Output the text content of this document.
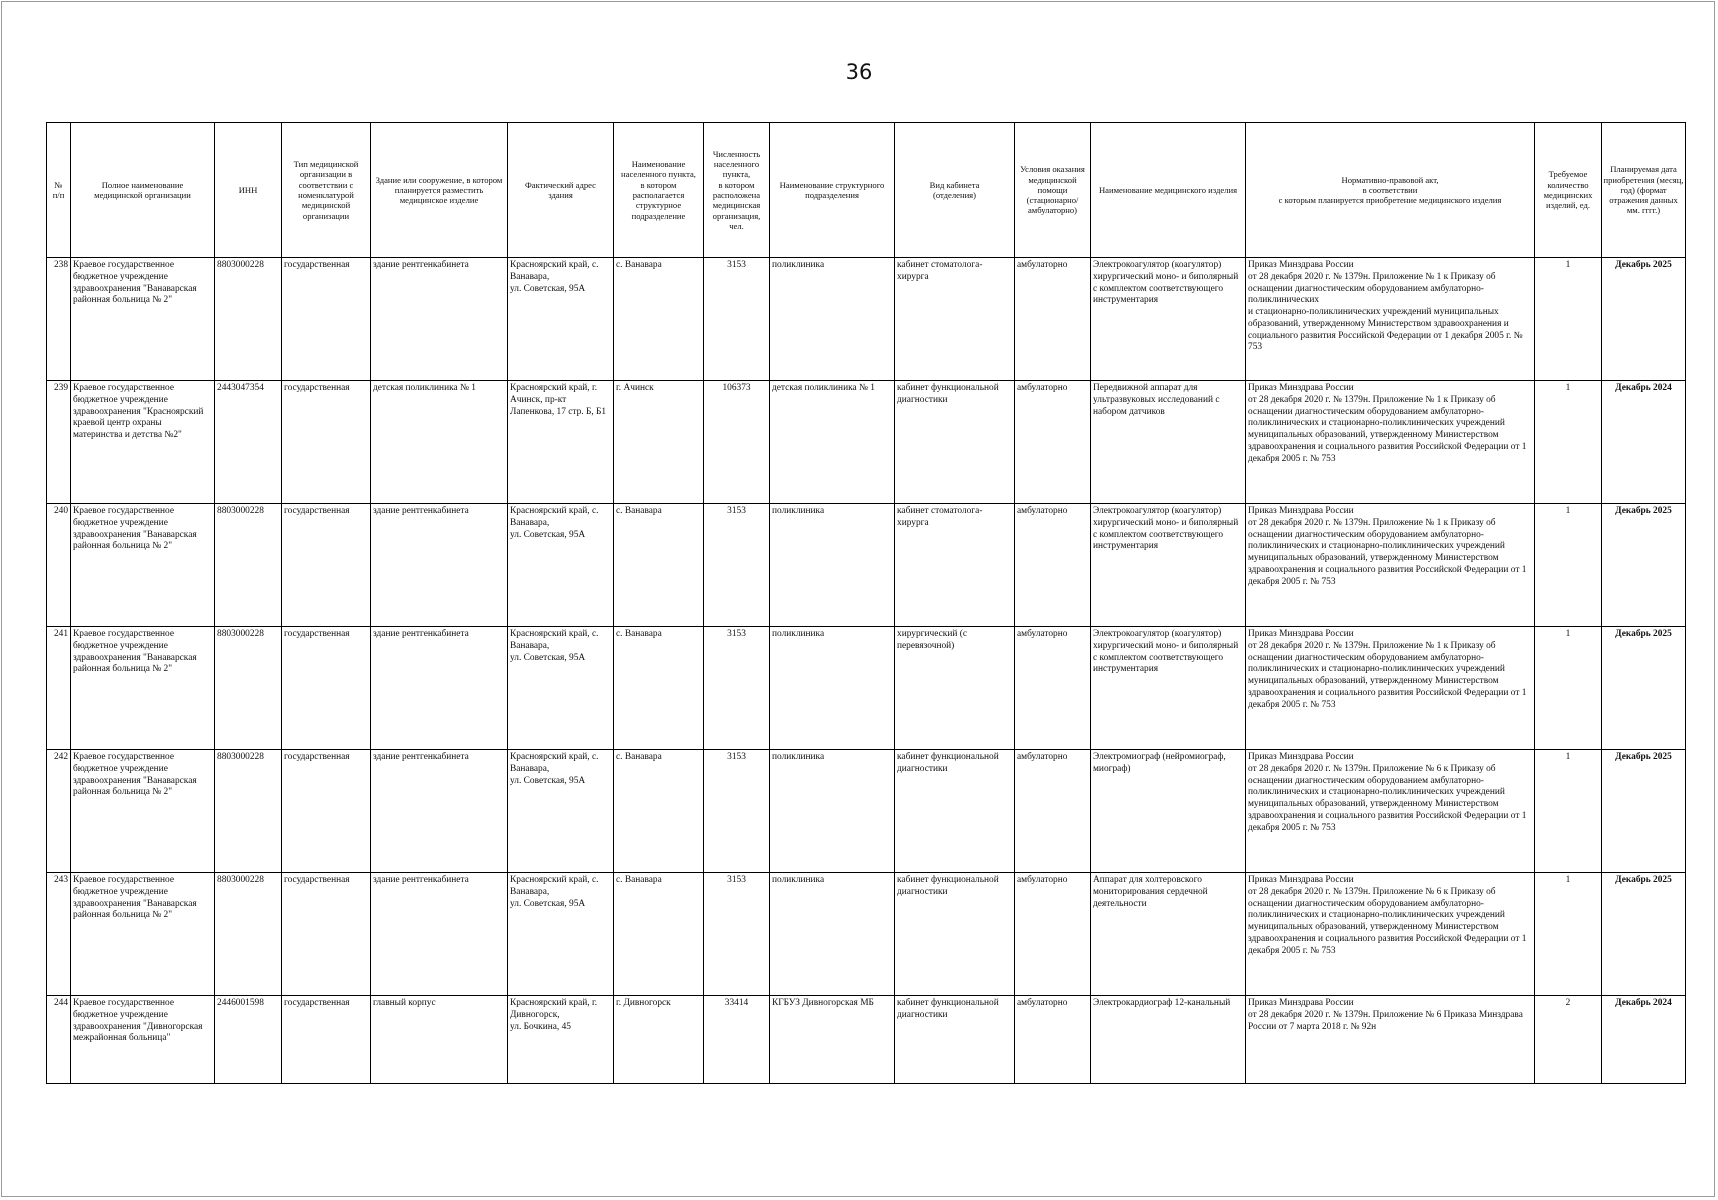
36
№
п/п	Полное наименование
медицинской организации	ИНН	Тип медицинской организации в соответствии с номенклатурой медицинской организации	Здание или сооружение, в котором планируется разместить медицинское изделие	Фактический адрес
здания	Наименование населенного пункта,
в котором располагается структурное подразделение	Численность населенного пункта,
в котором расположена медицинская организация, чел.	Наименование структурного подразделения	Вид кабинета
(отделения)	Условия оказания медицинской помощи (стационарно/ амбулаторно)	Наименование медицинского изделия	Нормативно-правовой акт,
в соответствии
с которым планируется приобретение медицинского изделия	Требуемое количество медицинских изделий, ед.	Планируемая дата приобретения (месяц, год) (формат отражения данных мм. гггг.)
238	Краевое государственное бюджетное учреждение здравоохранения "Ванаварская районная больница № 2"	8803000228	государственная	здание рентгенкабинета	Красноярский край, с. Ванавара,
ул. Советская, 95А	с. Ванавара	3153	поликлиника	кабинет стоматолога-хирурга	амбулаторно	Электрокоагулятор (коагулятор) хирургический моно- и биполярный с комплектом соответствующего инструментария	Приказ Минздрава России
от 28 декабря 2020 г. № 1379н. Приложение № 1 к Приказу об оснащении диагностическим оборудованием амбулаторно-поликлинических
и стационарно-поликлинических учреждений муниципальных образований, утвержденному Министерством здравоохранения и социального развития Российской Федерации от 1 декабря 2005 г. № 753	1	Декабрь 2025
239	Краевое государственное бюджетное учреждение здравоохранения "Красноярский краевой центр охраны материнства и детства №2"	2443047354	государственная	детская поликлиника № 1	Красноярский край, г. Ачинск, пр-кт Лапенкова, 17 стр. Б, Б1	г. Ачинск	106373	детская поликлиника № 1	кабинет функциональной диагностики	амбулаторно	Передвижной аппарат для ультразвуковых исследований с набором датчиков	Приказ Минздрава России
от 28 декабря 2020 г. № 1379н. Приложение № 1 к Приказу об оснащении диагностическим оборудованием амбулаторно-поликлинических и стационарно-поликлинических учреждений муниципальных образований, утвержденному Министерством здравоохранения и социального развития Российской Федерации от 1 декабря 2005 г. № 753	1	Декабрь 2024
240	Краевое государственное бюджетное учреждение здравоохранения "Ванаварская районная больница № 2"	8803000228	государственная	здание рентгенкабинета	Красноярский край, с. Ванавара,
ул. Советская, 95А	с. Ванавара	3153	поликлиника	кабинет стоматолога-хирурга	амбулаторно	Электрокоагулятор (коагулятор) хирургический моно- и биполярный
с комплектом соответствующего инструментария	Приказ Минздрава России
от 28 декабря 2020 г. № 1379н. Приложение № 1 к Приказу об оснащении диагностическим оборудованием амбулаторно-поликлинических и стационарно-поликлинических учреждений муниципальных образований, утвержденному Министерством здравоохранения и социального развития Российской Федерации от 1 декабря 2005 г. № 753	1	Декабрь 2025
241	Краевое государственное бюджетное учреждение здравоохранения "Ванаварская районная больница № 2"	8803000228	государственная	здание рентгенкабинета	Красноярский край, с. Ванавара,
ул. Советская, 95А	с. Ванавара	3153	поликлиника	хирургический (с перевязочной)	амбулаторно	Электрокоагулятор (коагулятор) хирургический моно- и биполярный
с комплектом соответствующего инструментария	Приказ Минздрава России
от 28 декабря 2020 г. № 1379н. Приложение № 1 к Приказу об оснащении диагностическим оборудованием амбулаторно-поликлинических и стационарно-поликлинических учреждений муниципальных образований, утвержденному Министерством здравоохранения и социального развития Российской Федерации от 1 декабря 2005 г. № 753	1	Декабрь 2025
242	Краевое государственное бюджетное учреждение здравоохранения "Ванаварская районная больница № 2"	8803000228	государственная	здание рентгенкабинета	Красноярский край, с. Ванавара,
ул. Советская, 95А	с. Ванавара	3153	поликлиника	кабинет функциональной диагностики	амбулаторно	Электромиограф (нейромиограф, миограф)	Приказ Минздрава России
от 28 декабря 2020 г. № 1379н. Приложение № 6 к Приказу об оснащении диагностическим оборудованием амбулаторно-поликлинических и стационарно-поликлинических учреждений муниципальных образований, утвержденному Министерством здравоохранения и социального развития Российской Федерации от 1 декабря 2005 г. № 753	1	Декабрь 2025
243	Краевое государственное бюджетное учреждение здравоохранения "Ванаварская районная больница № 2"	8803000228	государственная	здание рентгенкабинета	Красноярский край, с. Ванавара,
ул. Советская, 95А	с. Ванавара	3153	поликлиника	кабинет функциональной диагностики	амбулаторно	Аппарат для холтеровского мониторирования сердечной деятельности	Приказ Минздрава России
от 28 декабря 2020 г. № 1379н. Приложение № 6 к Приказу об оснащении диагностическим оборудованием амбулаторно-поликлинических и стационарно-поликлинических учреждений муниципальных образований, утвержденному Министерством здравоохранения и социального развития Российской Федерации от 1 декабря 2005 г. № 753	1	Декабрь 2025
244	Краевое государственное бюджетное учреждение здравоохранения "Дивногорская межрайонная больница"	2446001598	государственная	главный корпус	Красноярский край, г. Дивногорск,
ул. Бочкина, 45	г. Дивногорск	33414	КГБУЗ Дивногорская МБ	кабинет функциональной диагностики	амбулаторно	Электрокардиограф 12-канальный	Приказ Минздрава России
от 28 декабря 2020 г. № 1379н. Приложение № 6 Приказа Минздрава России от 7 марта 2018 г. № 92н	2	Декабрь 2024
